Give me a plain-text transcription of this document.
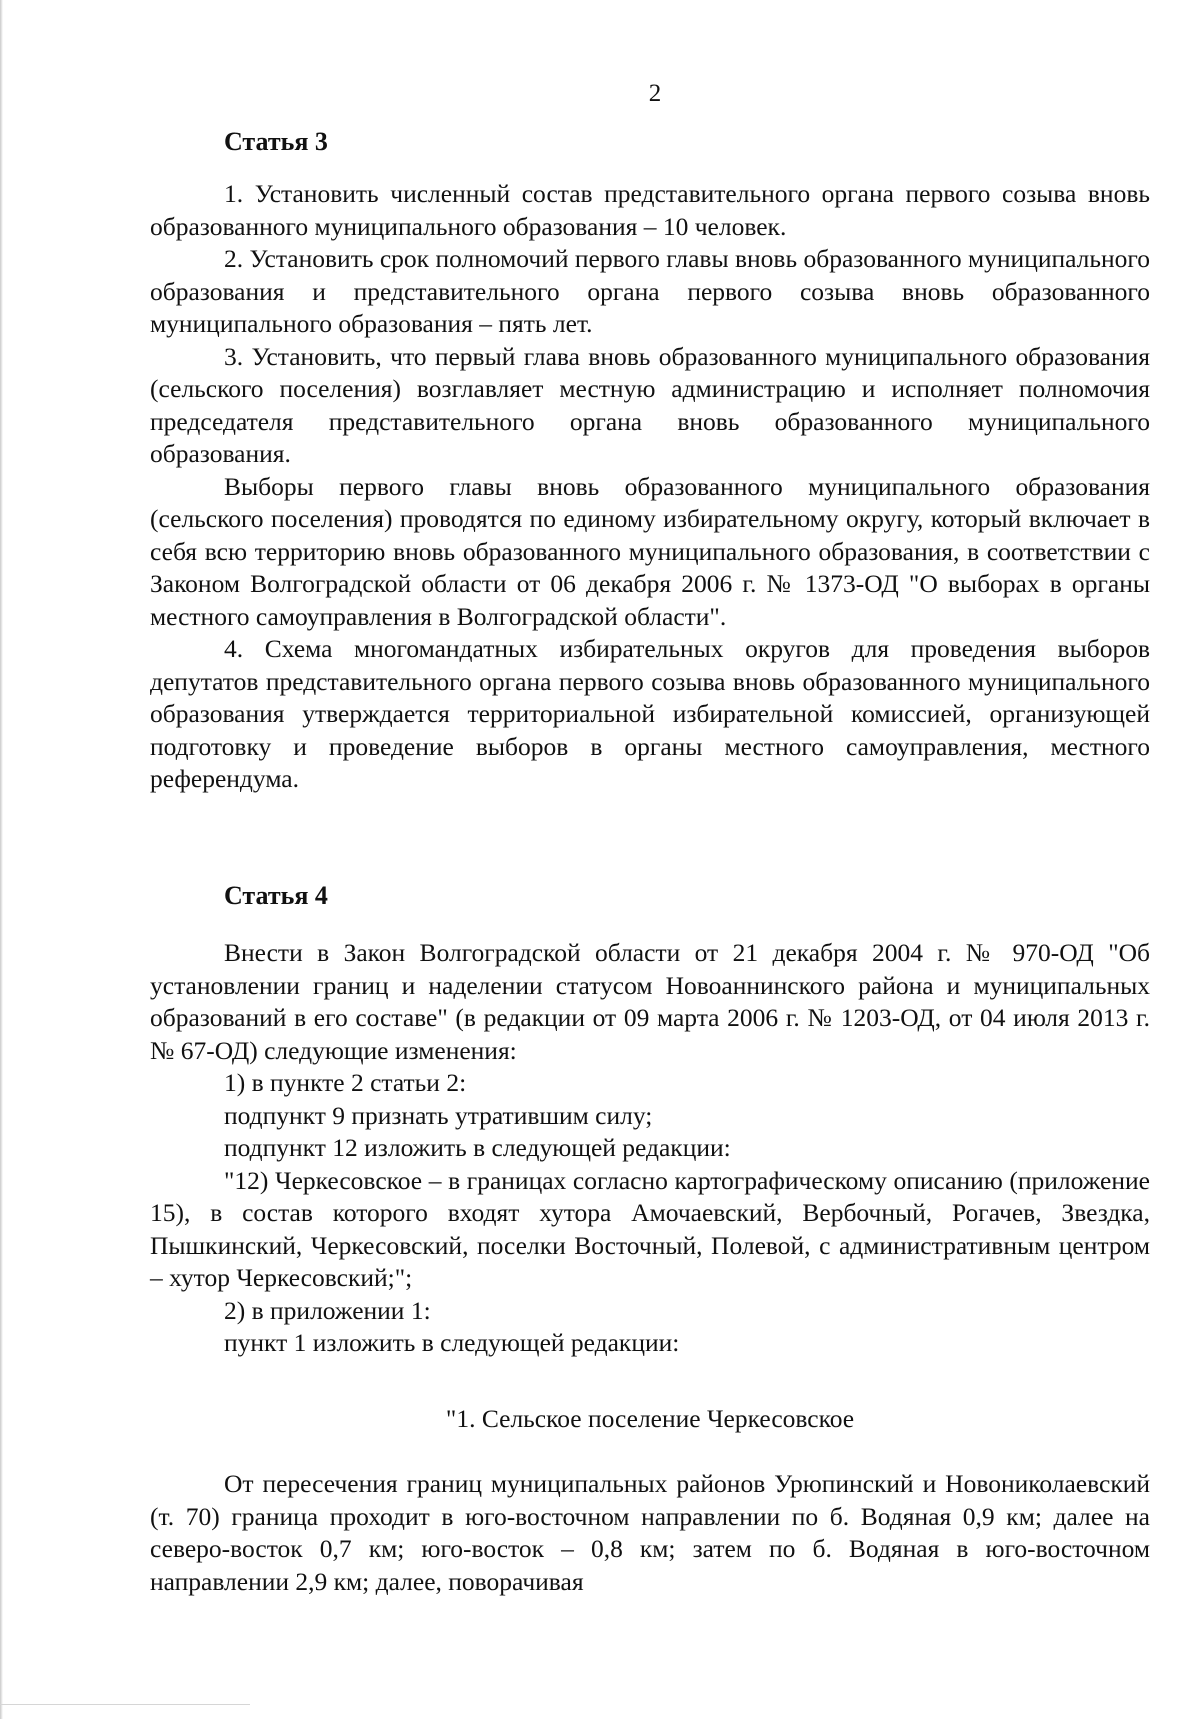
2
Статья 3

1. Установить численный состав представительного органа первого созыва вновь образованного муниципального образования – 10 человек.

2. Установить срок полномочий первого главы вновь образованного муниципального образования и представительного органа первого созыва вновь образованного муниципального образования – пять лет.

3. Установить, что первый глава вновь образованного муниципального образования (сельского поселения) возглавляет местную администрацию и исполняет полномочия председателя представительного органа вновь образованного муниципального образования.

Выборы первого главы вновь образованного муниципального образования (сельского поселения) проводятся по единому избирательному округу, который включает в себя всю территорию вновь образованного муниципального образования, в соответствии с Законом Волгоградской области от 06 декабря 2006 г. № 1373-ОД "О выборах в органы местного самоуправления в Волгоградской области".

4. Схема многомандатных избирательных округов для проведения выборов депутатов представительного органа первого созыва вновь образованного муниципального образования утверждается территориальной избирательной комиссией, организующей подготовку и проведение выборов в органы местного самоуправления, местного референдума.

Статья 4

Внести в Закон Волгоградской области от 21 декабря 2004 г. № 970-ОД "Об установлении границ и наделении статусом Новоаннинского района и муниципальных образований в его составе" (в редакции от 09 марта 2006 г. № 1203-ОД, от 04 июля 2013 г. № 67-ОД) следующие изменения:

1) в пункте 2 статьи 2:

подпункт 9 признать утратившим силу;

подпункт 12 изложить в следующей редакции:

"12) Черкесовское – в границах согласно картографическому описанию (приложение 15), в состав которого входят хутора Амочаевский, Вербочный, Рогачев, Звездка, Пышкинский, Черкесовский, поселки Восточный, Полевой, с административным центром – хутор Черкесовский;";

2) в приложении 1:

пункт 1 изложить в следующей редакции:

"1. Сельское поселение Черкесовское

От пересечения границ муниципальных районов Урюпинский и Новониколаевский (т. 70) граница проходит в юго-восточном направлении по б. Водяная 0,9 км; далее на северо-восток 0,7 км; юго-восток – 0,8 км; затем по б. Водяная в юго-восточном направлении 2,9 км; далее, поворачивая
